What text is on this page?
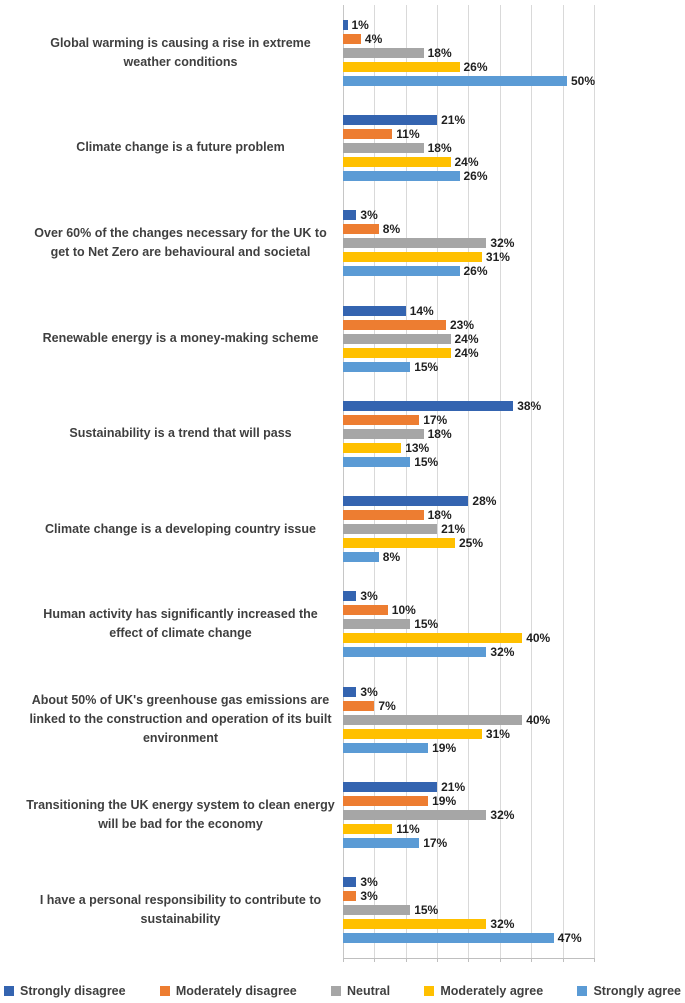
Global warming is causing a rise in extreme weather conditions
1%
4%
18%
26%
50%
Climate change is a future problem
21%
11%
18%
24%
26%
Over 60% of the changes necessary for the UK to get to Net Zero are behavioural and societal
3%
8%
32%
31%
26%
Renewable energy is a money-making scheme
14%
23%
24%
24%
15%
Sustainability is a trend that will pass
38%
17%
18%
13%
15%
Climate change is a developing country issue
28%
18%
21%
25%
8%
Human activity has significantly increased the effect of climate change
3%
10%
15%
40%
32%
About 50% of UK's greenhouse gas emissions are linked to the construction and operation of its built environment
3%
7%
40%
31%
19%
Transitioning the UK energy system to clean energy will be bad for the economy
21%
19%
32%
11%
17%
I have a personal responsibility to contribute to sustainability
3%
3%
15%
32%
47%
Strongly disagree	Moderately disagree	Neutral	Moderately agree	Strongly agree
